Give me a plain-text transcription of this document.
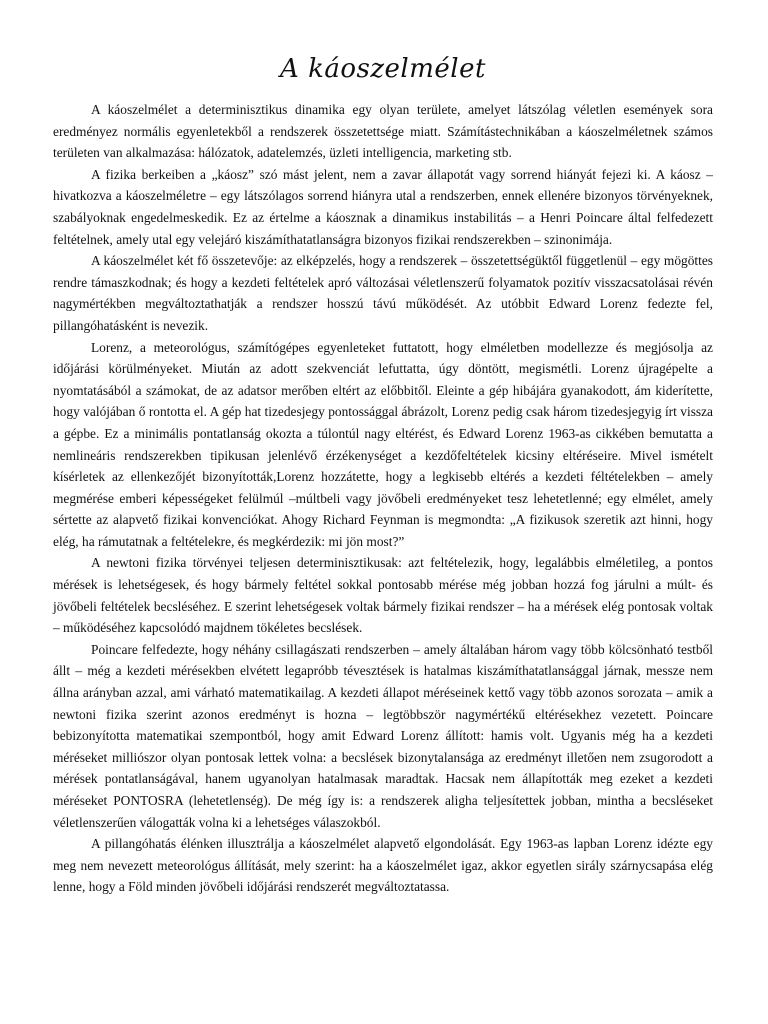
A káoszelmélet

A káoszelmélet a determinisztikus dinamika egy olyan területe, amelyet látszólag véletlen események sora eredményez normális egyenletekből a rendszerek összetettsége miatt. Számítástechnikában a káoszelméletnek számos területen van alkalmazása: hálózatok, adatelemzés, üzleti intelligencia, marketing stb.

A fizika berkeiben a „káosz” szó mást jelent, nem a zavar állapotát vagy sorrend hiányát fejezi ki. A káosz – hivatkozva a káoszelméletre – egy látszólagos sorrend hiányra utal a rendszerben, ennek ellenére bizonyos törvényeknek, szabályoknak engedelmeskedik. Ez az értelme a káosznak a dinamikus instabilitás – a Henri Poincare által felfedezett feltételnek, amely utal egy velejáró kiszámíthatatlanságra bizonyos fizikai rendszerekben – szinonimája.

A káoszelmélet két fő összetevője: az elképzelés, hogy a rendszerek – összetettségüktől függetlenül – egy mögöttes rendre támaszkodnak; és hogy a kezdeti feltételek apró változásai véletlenszerű folyamatok pozitív visszacsatolásai révén nagymértékben megváltoztathatják a rendszer hosszú távú működését. Az utóbbit Edward Lorenz fedezte fel, pillangóhatásként is nevezik.

Lorenz, a meteorológus, számítógépes egyenleteket futtatott, hogy elméletben modellezze és megjósolja az időjárási körülményeket. Miután az adott szekvenciát lefuttatta, úgy döntött, megismétli. Lorenz újragépelte a nyomtatásából a számokat, de az adatsor merőben eltért az előbbitől. Eleinte a gép hibájára gyanakodott, ám kiderítette, hogy valójában ő rontotta el. A gép hat tizedesjegy pontossággal ábrázolt, Lorenz pedig csak három tizedesjegyig írt vissza a gépbe. Ez a minimális pontatlanság okozta a túlontúl nagy eltérést, és Edward Lorenz 1963-as cikkében bemutatta a nemlineáris rendszerekben tipikusan jelenlévő érzékenységet a kezdőfeltételek kicsiny eltéréseire. Mivel ismételt kísérletek az ellenkezőjét bizonyították,Lorenz hozzátette, hogy a legkisebb eltérés a kezdeti féltételekben – amely megmérése emberi képességeket felülmúl –múltbeli vagy jövőbeli eredményeket tesz lehetetlenné; egy elmélet, amely sértette az alapvető fizikai konvenciókat. Ahogy Richard Feynman is megmondta: „A fizikusok szeretik azt hinni, hogy elég, ha rámutatnak a feltételekre, és megkérdezik: mi jön most?”

A newtoni fizika törvényei teljesen determinisztikusak: azt feltételezik, hogy, legalábbis elméletileg, a pontos mérések is lehetségesek, és hogy bármely feltétel sokkal pontosabb mérése még jobban hozzá fog járulni a múlt- és jövőbeli feltételek becsléséhez. E szerint lehetségesek voltak bármely fizikai rendszer – ha a mérések elég pontosak voltak – működéséhez kapcsolódó majdnem tökéletes becslések.

Poincare felfedezte, hogy néhány csillagászati rendszerben – amely általában három vagy több kölcsönható testből állt – még a kezdeti mérésekben elvétett legapróbb tévesztések is hatalmas kiszámíthatatlansággal járnak, messze nem állna arányban azzal, ami várható matematikailag. A kezdeti állapot méréseinek kettő vagy több azonos sorozata – amik a newtoni fizika szerint azonos eredményt is hozna – legtöbbször nagymértékű eltérésekhez vezetett. Poincare bebizonyította matematikai szempontból, hogy amit Edward Lorenz állított: hamis volt. Ugyanis még ha a kezdeti méréseket milliószor olyan pontosak lettek volna: a becslések bizonytalansága az eredményt illetően nem zsugorodott a mérések pontatlanságával, hanem ugyanolyan hatalmasak maradtak. Hacsak nem állapították meg ezeket a kezdeti méréseket PONTOSRA (lehetetlenség). De még így is: a rendszerek aligha teljesítettek jobban, mintha a becsléseket véletlenszerűen válogatták volna ki a lehetséges válaszokból.

A pillangóhatás élénken illusztrálja a káoszelmélet alapvető elgondolását. Egy 1963-as lapban Lorenz idézte egy meg nem nevezett meteorológus állítását, mely szerint: ha a káoszelmélet igaz, akkor egyetlen sirály szárnycsapása elég lenne, hogy a Föld minden jövőbeli időjárási rendszerét megváltoztatassa.
